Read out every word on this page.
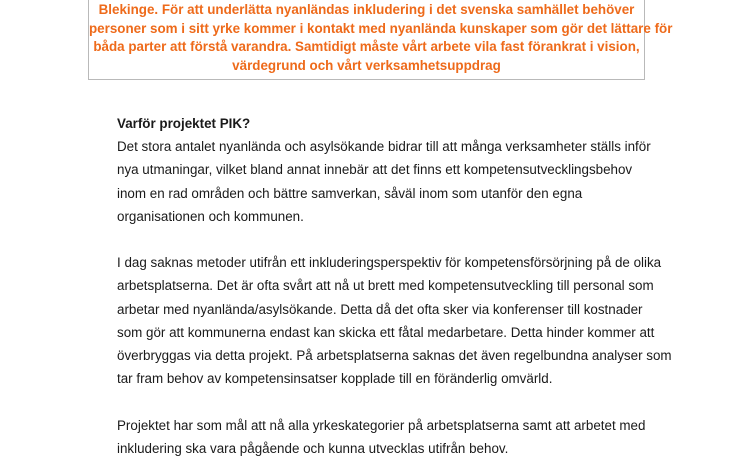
Blekinge. För att underlätta nyanländas inkludering i det svenska samhället behöver
personer som i sitt yrke kommer i kontakt med nyanlända kunskaper som gör det lättare för
båda parter att förstå varandra. Samtidigt måste vårt arbete vila fast förankrat i vision,
värdegrund och vårt verksamhetsuppdrag
Varför projektet PIK?
Det stora antalet nyanlända och asylsökande bidrar till att många verksamheter ställs inför
nya utmaningar, vilket bland annat innebär att det finns ett kompetensutvecklingsbehov
inom en rad områden och bättre samverkan, såväl inom som utanför den egna
organisationen och kommunen.
I dag saknas metoder utifrån ett inkluderingsperspektiv för kompetensförsörjning på de olika
arbetsplatserna. Det är ofta svårt att nå ut brett med kompetensutveckling till personal som
arbetar med nyanlända/asylsökande. Detta då det ofta sker via konferenser till kostnader
som gör att kommunerna endast kan skicka ett fåtal medarbetare. Detta hinder kommer att
överbryggas via detta projekt. På arbetsplatserna saknas det även regelbundna analyser som
tar fram behov av kompetensinsatser kopplade till en föränderlig omvärld.
Projektet har som mål att nå alla yrkeskategorier på arbetsplatserna samt att arbetet med
inkludering ska vara pågående och kunna utvecklas utifrån behov.
